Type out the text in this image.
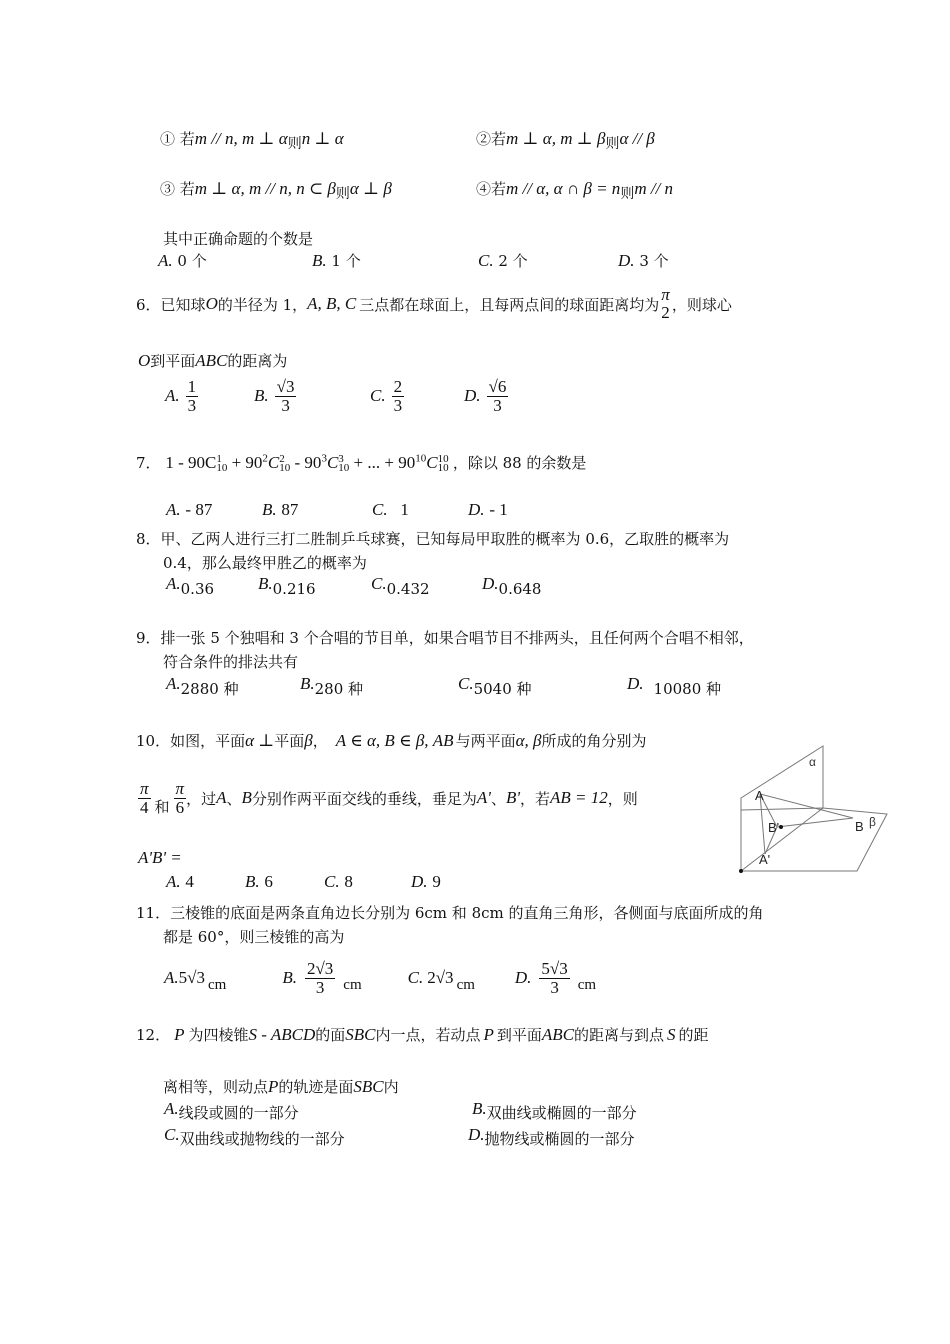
① 若m // n, m ⊥ α则n ⊥ α	②若m ⊥ α, m ⊥ β则α // β
③ 若m ⊥ α, m // n, n ⊂ β则α ⊥ β	④若m // α, α ∩ β = n则m // n
其中正确命题的个数是
A. 0 个	B. 1 个	C. 2 个	D. 3 个
6． 已知球 O 的半径为 1， A, B, C 三点都在球面上，且每两点间的球面距离均为
π
2 ，则球心
O到平面ABC的距离为
A. $\frac{1}{3}$	B. $\frac{√3}{3}$	C. $\frac{2}{3}$	D. $\frac{√6}{3}$
7． 1 - 90C 1
$10 + 90^2C$ 2
$10 - 90^3C$ 3
10 + ... + $90^{10}C$ 10
10 ，除以 88 的余数是
A. - 87	B. 87	C. 1	D. - 1
8．甲、乙两人进行三打二胜制乒乓球赛，已知每局甲取胜的概率为 0.6，乙取胜的概率为
0.4，那么最终甲胜乙的概率为
A.0.36	B.0.216	C.0.432	D.0.648
9．排一张 5 个独唱和 3 个合唱的节目单，如果合唱节目不排两头，且任何两个合唱不相邻，
符合条件的排法共有
A.2880 种	B.280 种	C.5040 种	D. 10080 种
10．如图，平面α ⊥平面β， A ∈ α, B ∈ β, AB 与两平面α, β所成的角分别为
$\frac{\pi}{4}$ 和 $\frac{\pi}{6}$ ，过 A 、 B 分别作两平面交线的垂线，垂足为 A' 、 B' ，若 AB = 12 ，则
A'B' =
A. 4	B. 6	C. 8	D. 9
α
A
B'	B β
A'
11．三棱锥的底面是两条直角边长分别为 6cm 和 8cm 的直角三角形，各侧面与底面所成的角
都是 60°，则三棱锥的高为
A. 5√3 cm	B. $\frac{2√3}{3}$ cm	C. 2√3 cm D. $\frac{5√3}{3}$ cm
12． P 为四棱锥S - ABCD的面SBC内一点，若动点 P 到平面ABC的距离与到点 S 的距
离相等，则动点P的轨迹是面SBC内
A.线段或圆的一部分	B.双曲线或椭圆的一部分
C.双曲线或抛物线的一部分	D.抛物线或椭圆的一部分
